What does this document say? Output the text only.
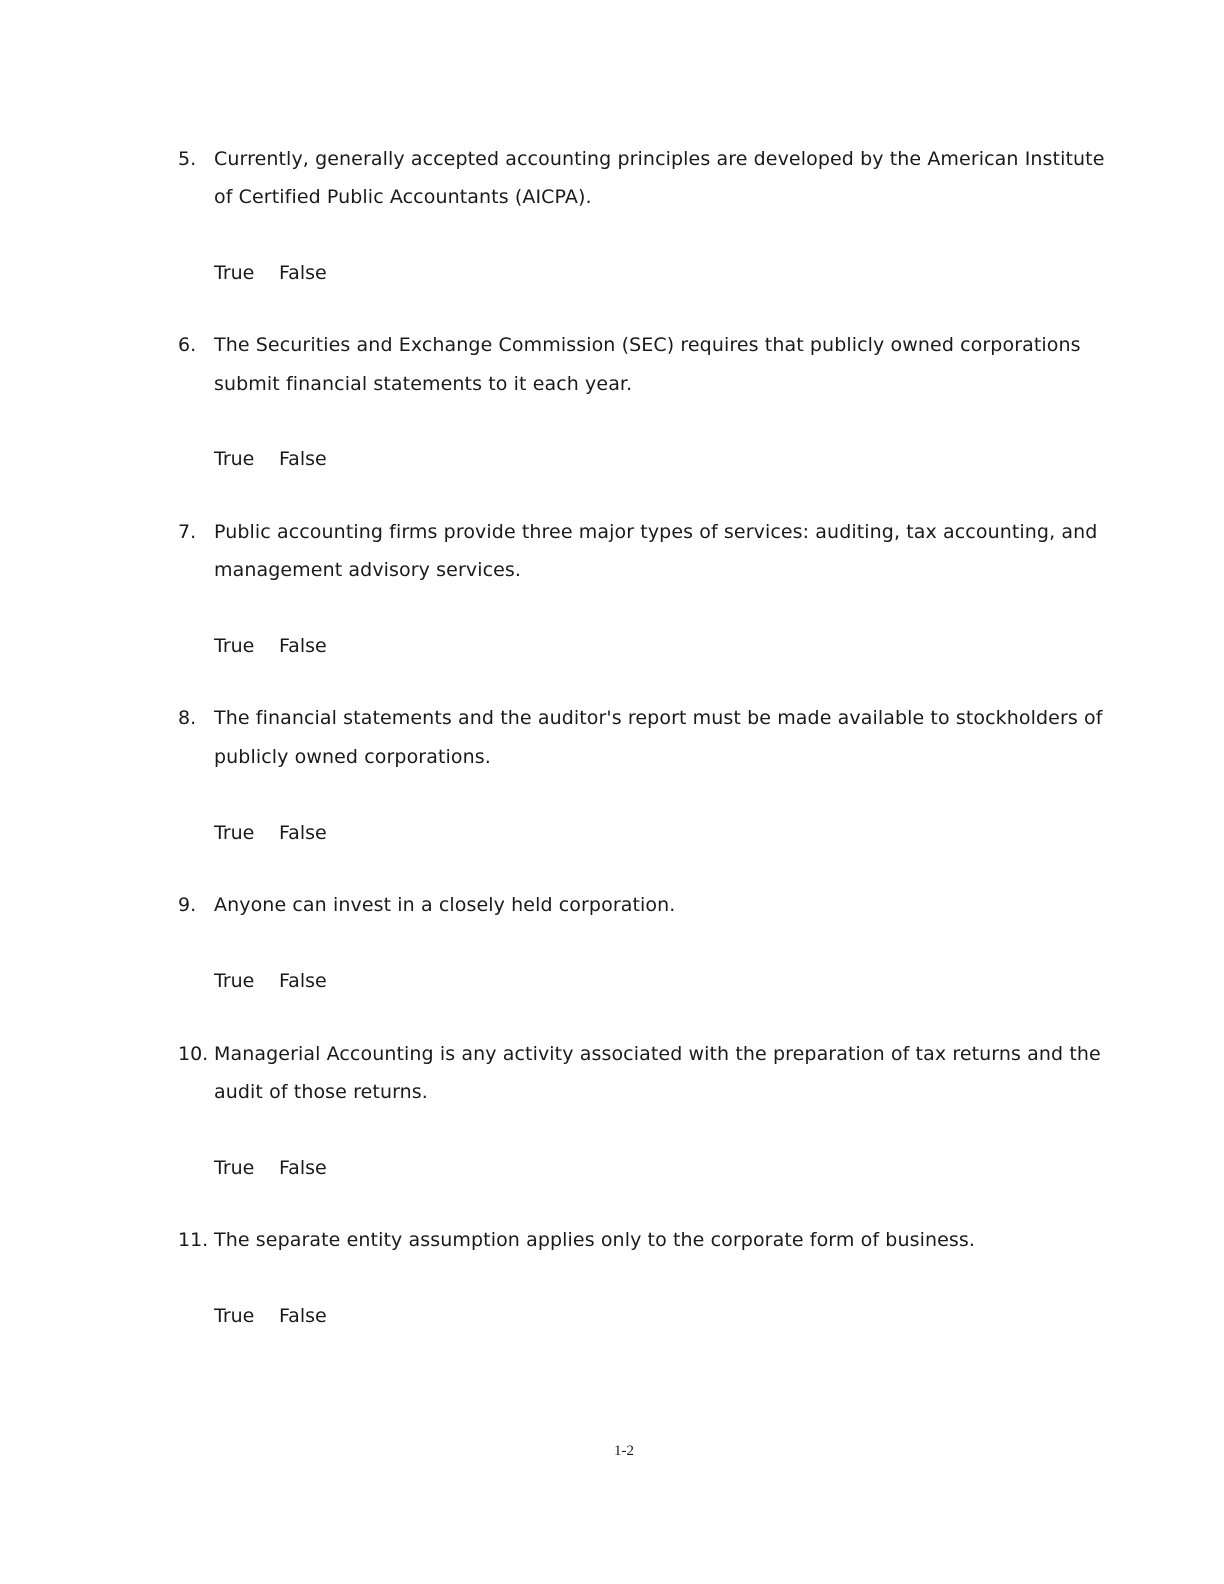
5. Currently, generally accepted accounting principles are developed by the American Institute
of Certified Public Accountants (AICPA).
True False
6. The Securities and Exchange Commission (SEC) requires that publicly owned corporations
submit financial statements to it each year.
True False
7. Public accounting firms provide three major types of services: auditing, tax accounting, and
management advisory services.
True False
8. The financial statements and the auditor's report must be made available to stockholders of
publicly owned corporations.
True False
9. Anyone can invest in a closely held corporation.
True False
10. Managerial Accounting is any activity associated with the preparation of tax returns and the
audit of those returns.
True False
11. The separate entity assumption applies only to the corporate form of business.
True False
1-2
